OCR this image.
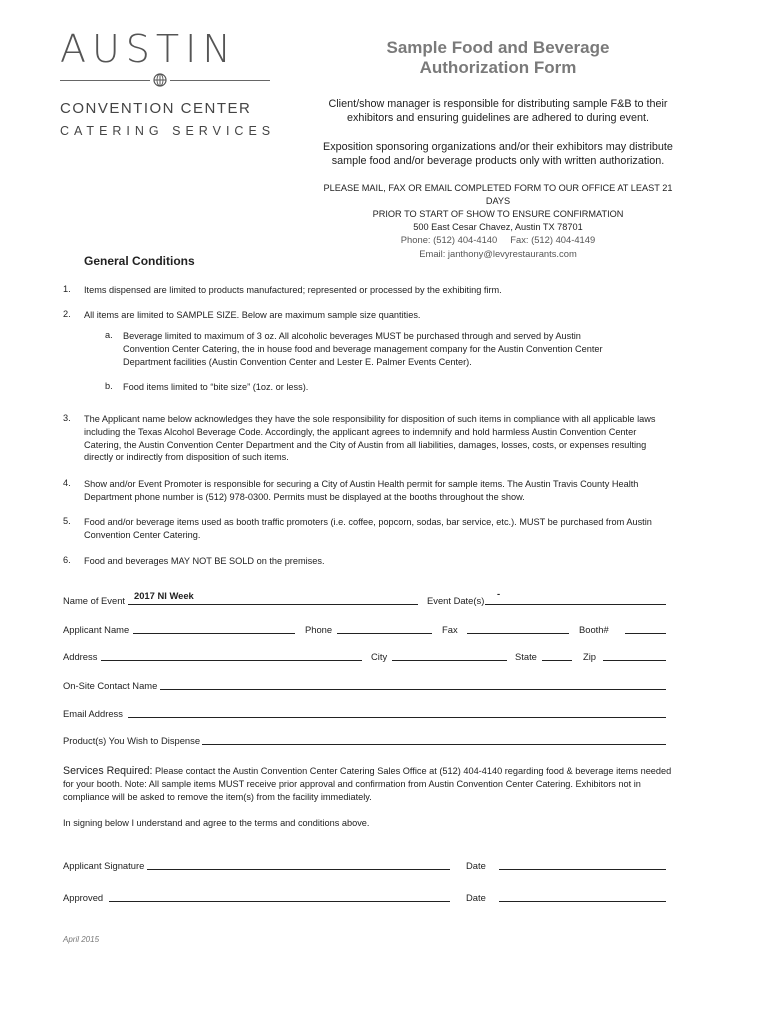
AUSTIN
CONVENTION CENTER
CATERING SERVICES
Sample Food and Beverage
Authorization Form
Client/show manager is responsible for distributing sample F&B to their
exhibitors and ensuring guidelines are adhered to during event.
Exposition sponsoring organizations and/or their exhibitors may distribute
sample food and/or beverage products only with written authorization.
PLEASE MAIL, FAX OR EMAIL COMPLETED FORM TO OUR OFFICE AT LEAST 21 DAYS
PRIOR TO START OF SHOW TO ENSURE CONFIRMATION
500 East Cesar Chavez, Austin TX 78701
Phone: (512) 404-4140     Fax: (512) 404-4149
Email: janthony@levyrestaurants.com
General Conditions
1. Items dispensed are limited to products manufactured; represented or processed by the exhibiting firm.
2. All items are limited to SAMPLE SIZE. Below are maximum sample size quantities.
a. Beverage limited to maximum of 3 oz. All alcoholic beverages MUST be purchased through and served by Austin Convention Center Catering, the in house food and beverage management company for the Austin Convention Center Department facilities (Austin Convention Center and Lester E. Palmer Events Center).
b. Food items limited to “bite size” (1oz. or less).
3. The Applicant name below acknowledges they have the sole responsibility for disposition of such items in compliance with all applicable laws including the Texas Alcohol Beverage Code. Accordingly, the applicant agrees to indemnify and hold harmless Austin Convention Center Catering, the Austin Convention Center Department and the City of Austin from all liabilities, damages, losses, costs, or expenses resulting directly or indirectly from disposition of such items.
4. Show and/or Event Promoter is responsible for securing a City of Austin Health permit for sample items. The Austin Travis County Health Department phone number is (512) 978-0300. Permits must be displayed at the booths throughout the show.
5. Food and/or beverage items used as booth traffic promoters (i.e. coffee, popcorn, sodas, bar service, etc.). MUST be purchased from Austin Convention Center Catering.
6. Food and beverages MAY NOT BE SOLD on the premises.
Name of Event 2017 NI Week	Event Date(s)
-
Applicant Name	Phone	Fax	Booth#
Address	City	State	Zip
On-Site Contact Name
Email Address
Product(s) You Wish to Dispense
Services Required: Please contact the Austin Convention Center Catering Sales Office at (512) 404-4140 regarding food & beverage items needed for your booth. Note: All sample items MUST receive prior approval and confirmation from Austin Convention Center Catering. Exhibitors not in compliance will be asked to remove the item(s) from the facility immediately.
In signing below I understand and agree to the terms and conditions above.
Applicant Signature	Date
Approved	Date
April 2015
